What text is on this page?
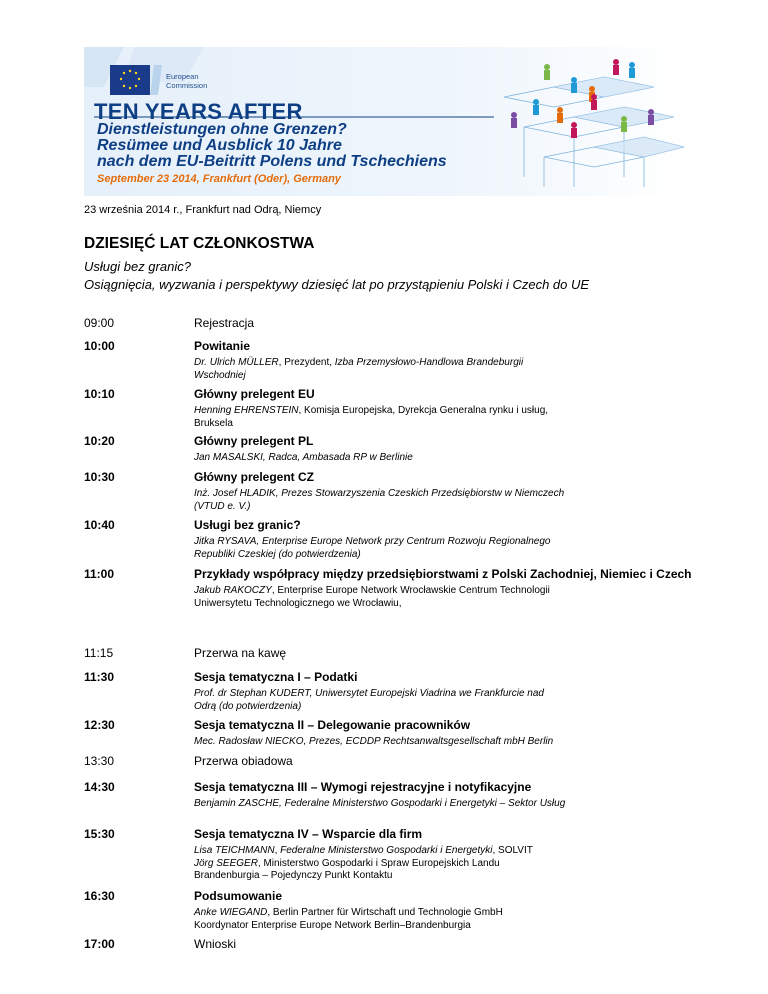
European
Commission
TEN YEARS AFTER
Dienstleistungen ohne Grenzen?
Resümee und Ausblick 10 Jahre
nach dem EU-Beitritt Polens und Tschechiens
September 23 2014, Frankfurt (Oder), Germany
23 września 2014 r., Frankfurt nad Odrą, Niemcy
DZIESIĘĆ LAT CZŁONKOSTWA
Usługi bez granic?
Osiągnięcia, wyzwania i perspektywy dziesięć lat po przystąpieniu Polski i Czech do UE
09:00	Rejestracja
10:00	Powitanie
Dr. Ulrich MÜLLER, Prezydent, Izba Przemysłowo-Handlowa Brandeburgii
Wschodniej
10:10	Główny prelegent EU
Henning EHRENSTEIN, Komisja Europejska, Dyrekcja Generalna rynku i usług,
Bruksela
10:20	Główny prelegent PL
Jan MASALSKI, Radca, Ambasada RP w Berlinie
10:30	Główny prelegent CZ
Inż. Josef HLADIK, Prezes Stowarzyszenia Czeskich Przedsiębiorstw w Niemczech
(VTUD e. V.)
10:40	Usługi bez granic?
Jitka RYSAVA, Enterprise Europe Network przy Centrum Rozwoju Regionalnego
Republiki Czeskiej (do potwierdzenia)
11:00	Przykłady współpracy między przedsiębiorstwami z Polski Zachodniej, Niemiec i Czech
Jakub RAKOCZY, Enterprise Europe Network Wrocławskie Centrum Technologii
Uniwersytetu Technologicznego we Wrocławiu,
11:15	Przerwa na kawę
11:30	Sesja tematyczna I – Podatki
Prof. dr Stephan KUDERT, Uniwersytet Europejski Viadrina we Frankfurcie nad
Odrą (do potwierdzenia)
12:30	Sesja tematyczna II – Delegowanie pracowników
Mec. Radosław NIECKO, Prezes, ECDDP Rechtsanwaltsgesellschaft mbH Berlin
13:30	Przerwa obiadowa
14:30	Sesja tematyczna III – Wymogi rejestracyjne i notyfikacyjne
Benjamin ZASCHE, Federalne Ministerstwo Gospodarki i Energetyki – Sektor Usług
15:30	Sesja tematyczna IV – Wsparcie dla firm
Lisa TEICHMANN, Federalne Ministerstwo Gospodarki i Energetyki, SOLVIT
Jörg SEEGER, Ministerstwo Gospodarki i Spraw Europejskich Landu
Brandenburgia – Pojedynczy Punkt Kontaktu
16:30	Podsumowanie
Anke WIEGAND, Berlin Partner für Wirtschaft und Technologie GmbH
Koordynator Enterprise Europe Network Berlin–Brandenburgia
17:00	Wnioski
